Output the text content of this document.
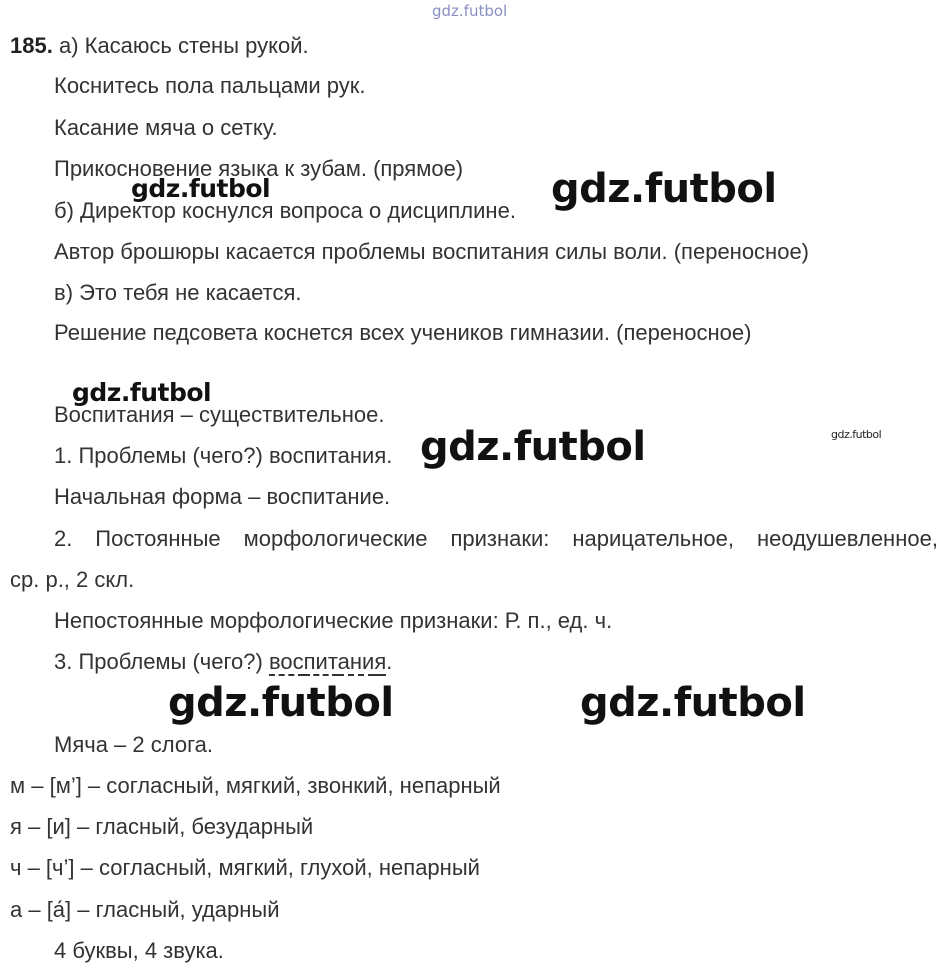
gdz.futbol
185. а) Касаюсь стены рукой.
Коснитесь пола пальцами рук.
Касание мяча о сетку.
Прикосновение языка к зубам. (прямое)
б) Директор коснулся вопроса о дисциплине.
Автор брошюры касается проблемы воспитания силы воли. (переносное)
в) Это тебя не касается.
Решение педсовета коснется всех учеников гимназии. (переносное)
Воспитания – существительное.
1. Проблемы (чего?) воспитания.
Начальная форма – воспитание.
2. Постоянные морфологические признаки: нарицательное, неодушевленное,
ср. р., 2 скл.
Непостоянные морфологические признаки: Р. п., ед. ч.
3. Проблемы (чего?) воспитания.
Мяча – 2 слога.
м – [м’] – согласный, мягкий, звонкий, непарный
я – [и] – гласный, безударный
ч – [ч’] – согласный, мягкий, глухой, непарный
а – [а́] – гласный, ударный
4 буквы, 4 звука.
gdz.futbol	gdz.futbol
gdz.futbol
gdz.futbol	gdz.futbol
gdz.futbol	gdz.futbol
